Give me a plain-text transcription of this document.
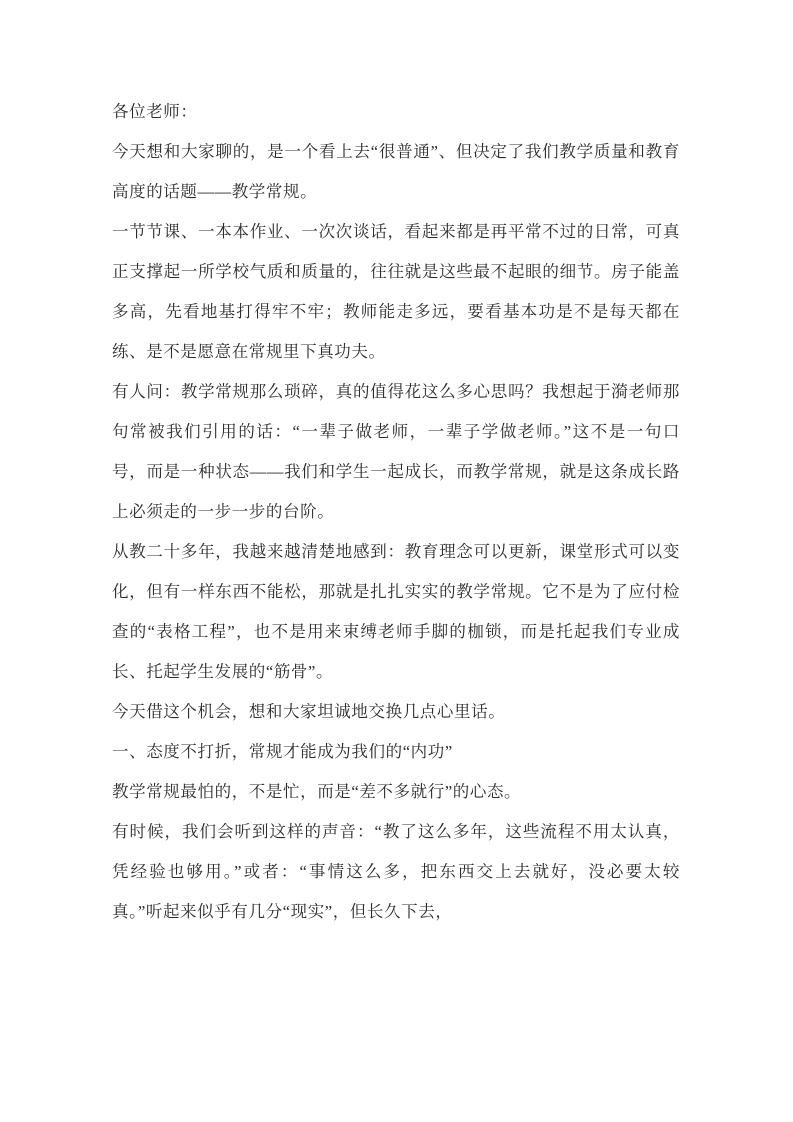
各位老师：

今天想和大家聊的，是一个看上去“很普通”、但决定了我们教学质量和教育高度的话题——教学常规。

一节节课、一本本作业、一次次谈话，看起来都是再平常不过的日常，可真正支撑起一所学校气质和质量的，往往就是这些最不起眼的细节。房子能盖多高，先看地基打得牢不牢；教师能走多远，要看基本功是不是每天都在练、是不是愿意在常规里下真功夫。

有人问：教学常规那么琐碎，真的值得花这么多心思吗？我想起于漪老师那句常被我们引用的话：“一辈子做老师，一辈子学做老师。”这不是一句口号，而是一种状态——我们和学生一起成长，而教学常规，就是这条成长路上必须走的一步一步的台阶。

从教二十多年，我越来越清楚地感到：教育理念可以更新，课堂形式可以变化，但有一样东西不能松，那就是扎扎实实的教学常规。它不是为了应付检查的“表格工程”，也不是用来束缚老师手脚的枷锁，而是托起我们专业成长、托起学生发展的“筋骨”。

今天借这个机会，想和大家坦诚地交换几点心里话。

一、态度不打折，常规才能成为我们的“内功”

教学常规最怕的，不是忙，而是“差不多就行”的心态。

有时候，我们会听到这样的声音：“教了这么多年，这些流程不用太认真，凭经验也够用。”或者：“事情这么多，把东西交上去就好，没必要太较真。”听起来似乎有几分“现实”，但长久下去，
